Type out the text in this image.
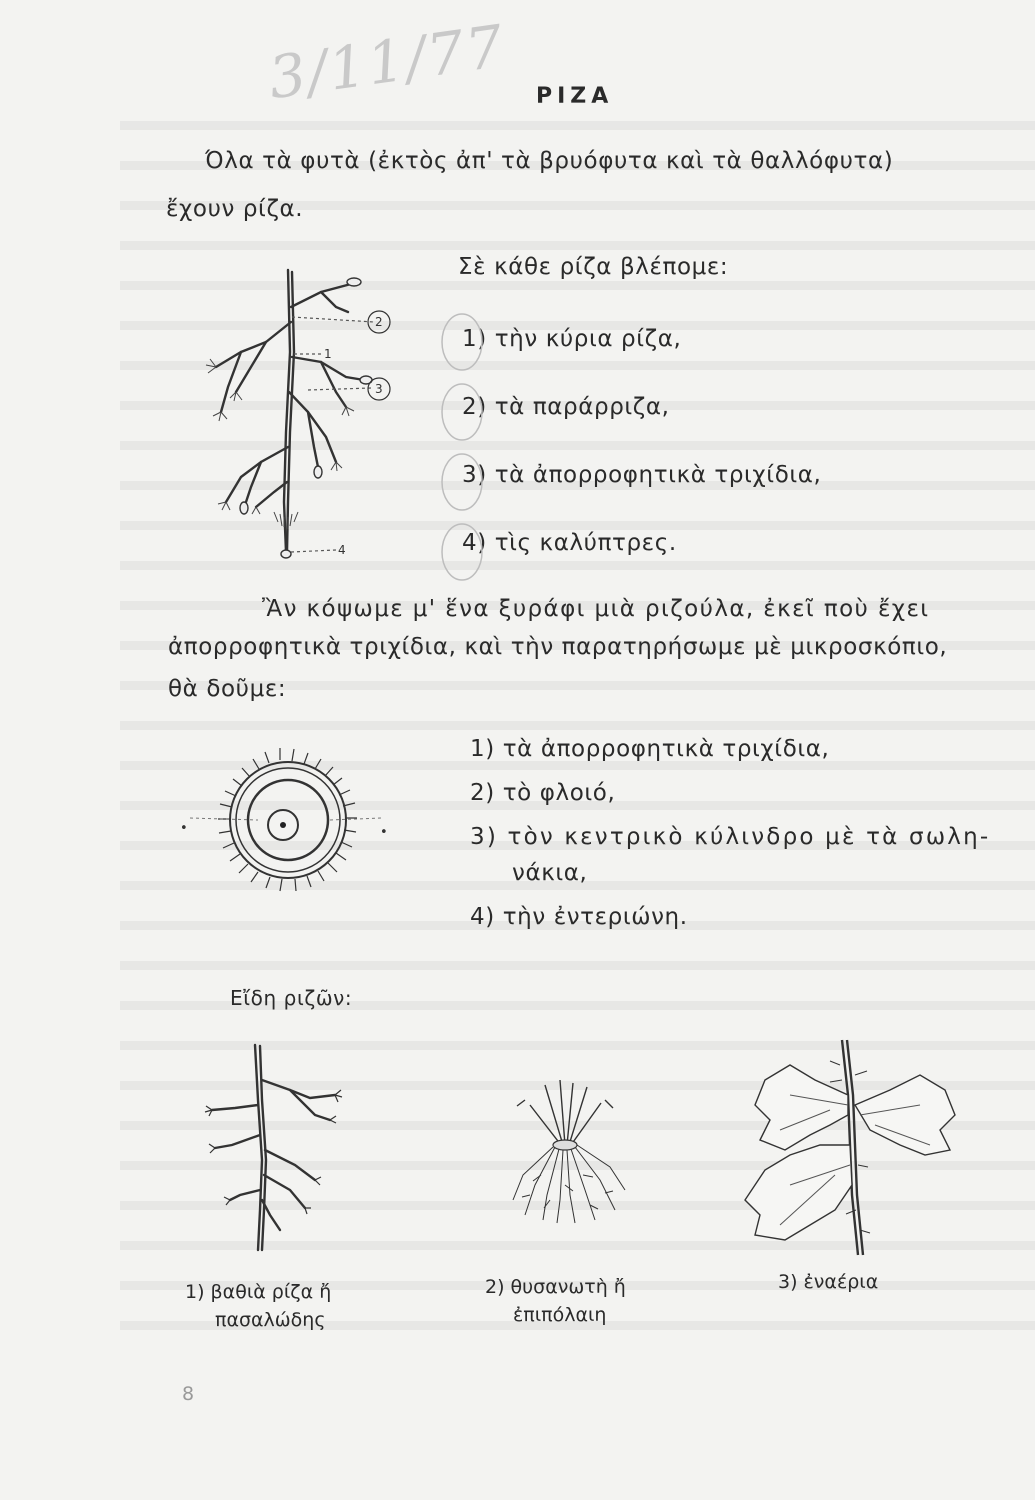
3/11/77 ΡΙΖΑ
Όλα τὰ φυτὰ (ἐκτὸς ἀπ' τὰ βρυόφυτα καὶ τὰ θαλλόφυτα)
ἔχουν ρίζα.
Σὲ κάθε ρίζα βλέπομε:
1) τὴν κύρια ρίζα,
2) τὰ παράρριζα,
3) τὰ ἀπορροφητικὰ τριχίδια,
4) τὶς καλύπτρες.
2
1
3
4
Ἂν κόψωμε μ' ἕνα ξυράφι μιὰ ριζούλα, ἐκεῖ ποὺ ἔχει
ἀπορροφητικὰ τριχίδια, καὶ τὴν παρατηρήσωμε μὲ μικροσκόπιο,
θὰ δοῦμε:
•	•
1) τὰ ἀπορροφητικὰ τριχίδια,
2) τὸ φλοιό,
3) τὸν κεντρικὸ κύλινδρο μὲ τὰ σωλη-
νάκια,
4) τὴν ἐντεριώνη.
Εἴδη ριζῶν:
1) βαθιὰ ρίζα ἤ
πασαλώδης
2) θυσανωτὴ ἤ
ἐπιπόλαιη
3) ἐναέρια
8
